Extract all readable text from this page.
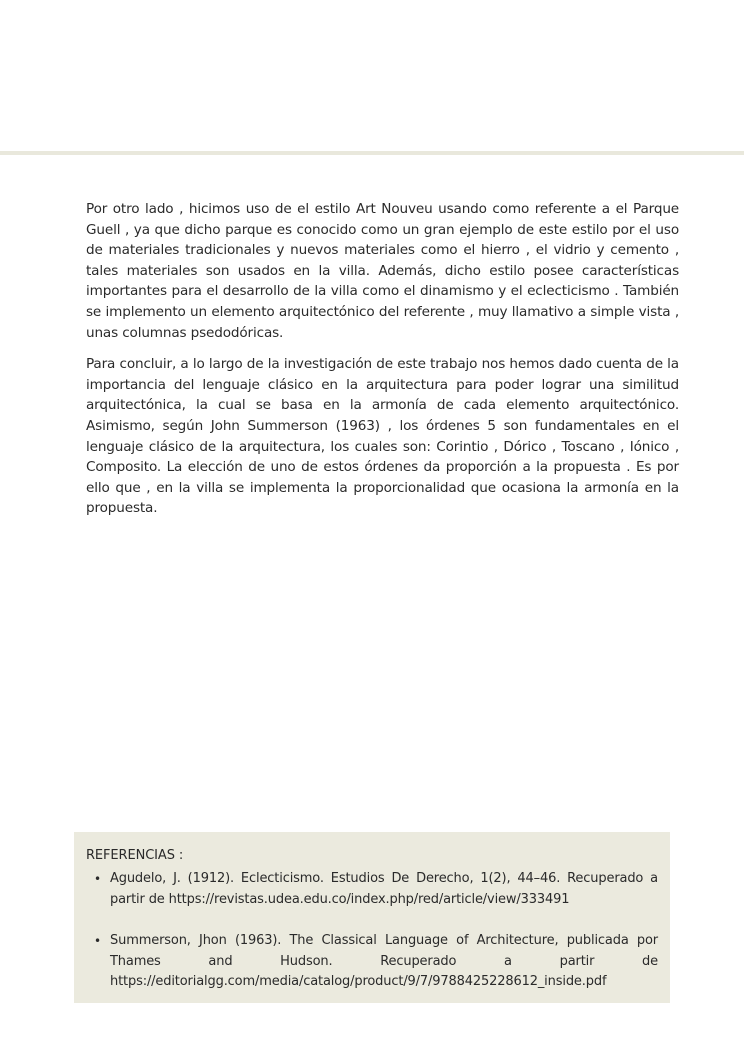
Por otro lado , hicimos uso de el estilo Art Nouveu usando como referente a el Parque Guell , ya que dicho parque es conocido como un gran ejemplo de este estilo por el uso de materiales tradicionales y nuevos materiales como el hierro , el vidrio y cemento , tales materiales son usados en la villa. Además, dicho estilo posee características importantes para el desarrollo de la villa como el dinamismo y el eclecticismo . También se implemento un elemento arquitectónico del referente , muy llamativo a simple vista , unas columnas psedodóricas.

Para concluir, a lo largo de la investigación de este trabajo nos hemos dado cuenta de la importancia del lenguaje clásico en la arquitectura para poder lograr una similitud arquitectónica, la cual se basa en la armonía de cada elemento arquitectónico. Asimismo, según John Summerson (1963) , los órdenes 5 son fundamentales en el lenguaje clásico de la arquitectura, los cuales son: Corintio , Dórico , Toscano , Iónico , Composito. La elección de uno de estos órdenes da proporción a la propuesta . Es por ello que , en la villa se implementa la proporcionalidad que ocasiona la armonía en la propuesta.

REFERENCIAS :
• Agudelo, J. (1912). Eclecticismo. Estudios De Derecho, 1(2), 44–46. Recuperado a partir de https://revistas.udea.edu.co/index.php/red/article/view/333491
• Summerson, Jhon (1963). The Classical Language of Architecture, publicada por Thames and Hudson. Recuperado a partir de https://editorialgg.com/media/catalog/product/9/7/9788425228612_inside.pdf
